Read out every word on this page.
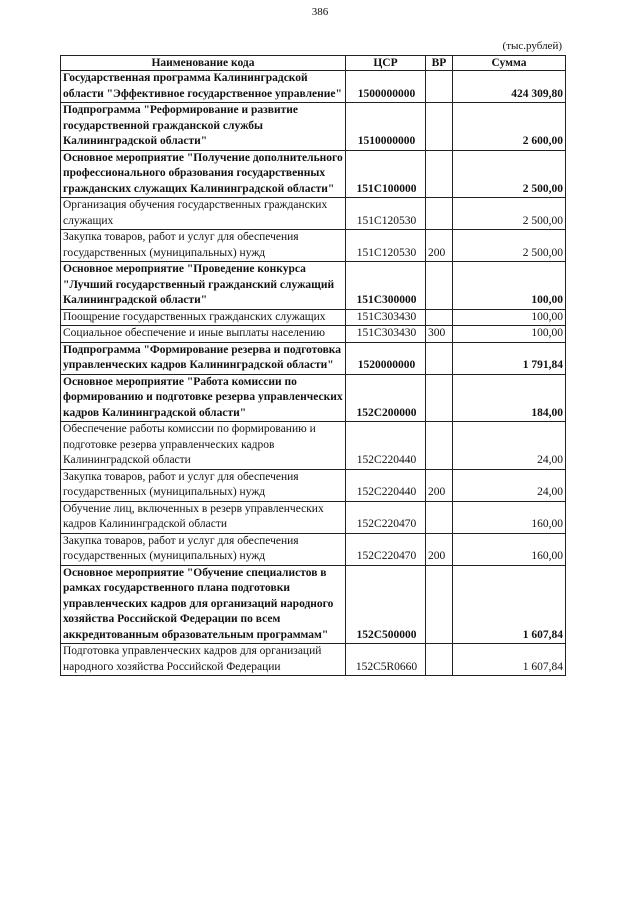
386
(тыс.рублей)
Наименование кода	ЦСР	ВР	Сумма
Государственная программа Калининградской области "Эффективное государственное управление"	1500000000		424 309,80
Подпрограмма "Реформирование и развитие государственной гражданской службы Калининградской области"	1510000000		2 600,00
Основное мероприятие "Получение дополнительного профессионального образования государственных гражданских служащих Калининградской области"	151С100000		2 500,00
Организация обучения государственных гражданских служащих	151С120530		2 500,00
Закупка товаров, работ и услуг для обеспечения государственных (муниципальных) нужд	151С120530	200	2 500,00
Основное мероприятие "Проведение конкурса "Лучший государственный гражданский служащий Калининградской области"	151С300000		100,00
Поощрение государственных гражданских служащих	151С303430		100,00
Социальное обеспечение и иные выплаты населению	151С303430	300	100,00
Подпрограмма "Формирование резерва и подготовка управленческих кадров Калининградской области"	1520000000		1 791,84
Основное мероприятие "Работа комиссии по формированию и подготовке резерва управленческих кадров Калининградской области"	152С200000		184,00
Обеспечение работы комиссии по формированию и подготовке резерва управленческих кадров Калининградской области	152С220440		24,00
Закупка товаров, работ и услуг для обеспечения государственных (муниципальных) нужд	152С220440	200	24,00
Обучение лиц, включенных в резерв управленческих кадров Калининградской области	152С220470		160,00
Закупка товаров, работ и услуг для обеспечения государственных (муниципальных) нужд	152С220470	200	160,00
Основное мероприятие "Обучение специалистов в рамках государственного плана подготовки управленческих кадров для организаций народного хозяйства Российской Федерации по всем аккредитованным образовательным программам"	152С500000		1 607,84
Подготовка управленческих кадров для организаций народного хозяйства Российской Федерации	152С5R0660		1 607,84
